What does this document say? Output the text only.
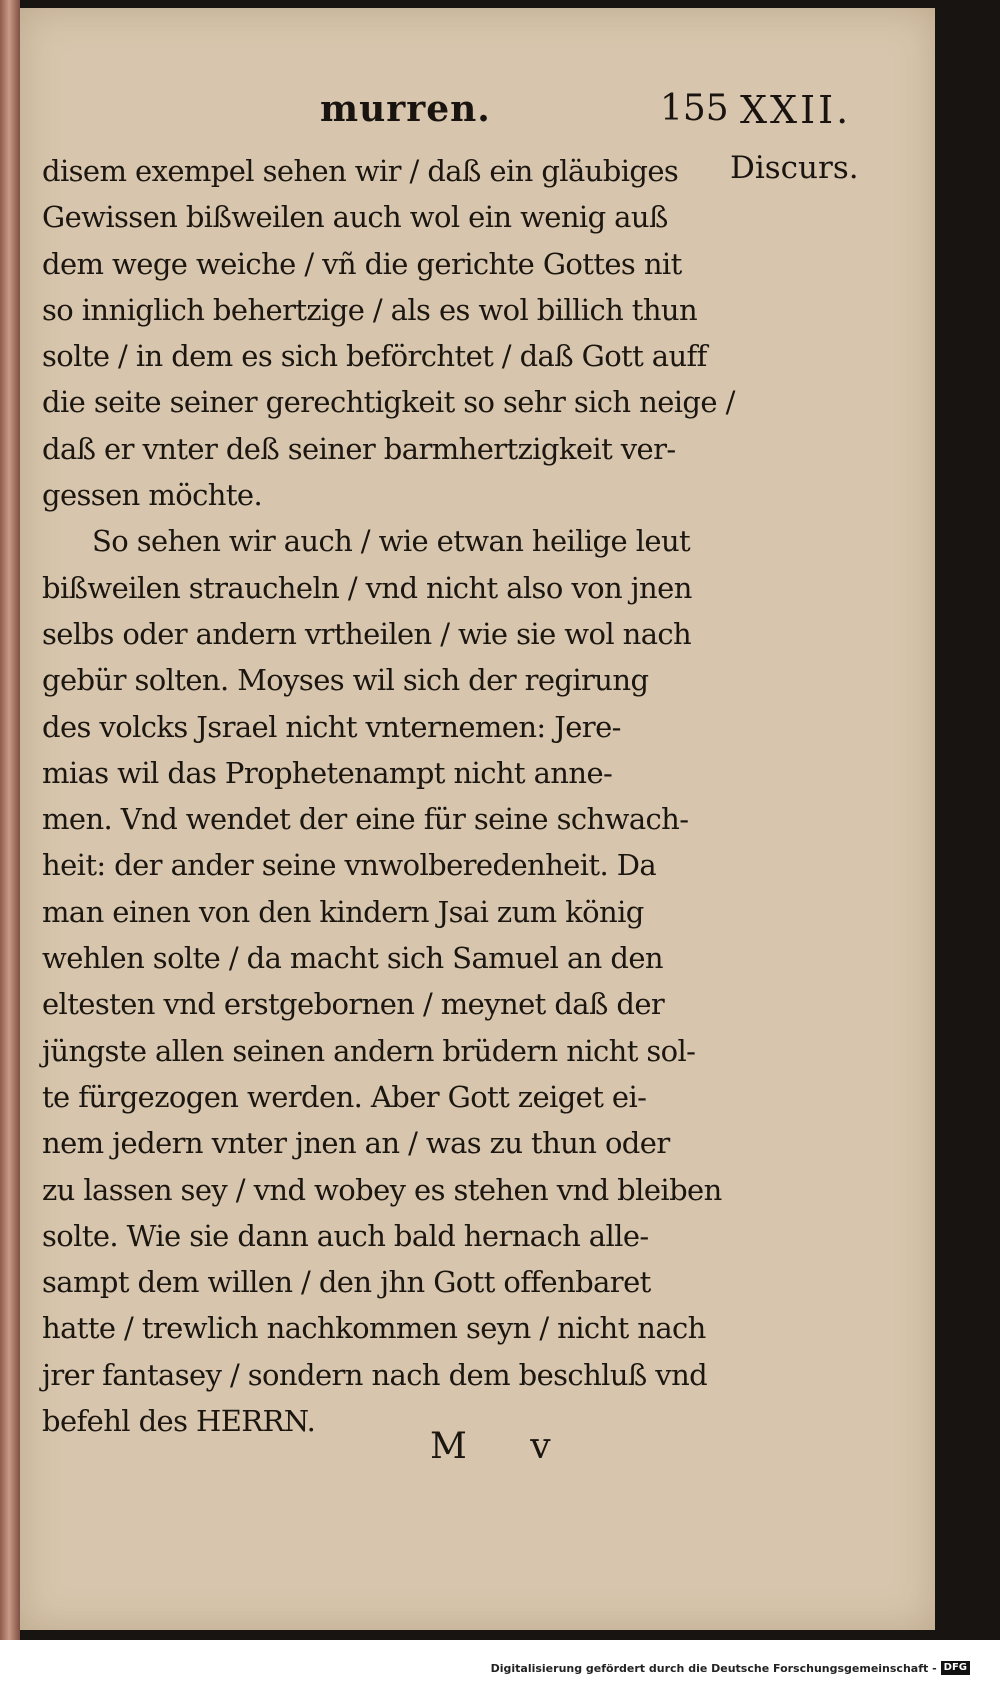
murren.	155 XXII.
Discurs.
disem exempel sehen wir / daß ein gläubiges
Gewissen bißweilen auch wol ein wenig auß
dem wege weiche / vñ die gerichte Gottes nit
so inniglich behertzige / als es wol billich thun
solte / in dem es sich beförchtet / daß Gott auff
die seite seiner gerechtigkeit so sehr sich neige /
daß er vnter deß seiner barmhertzigkeit ver-
gessen möchte.
So sehen wir auch / wie etwan heilige leut
bißweilen straucheln / vnd nicht also von jnen
selbs oder andern vrtheilen / wie sie wol nach
gebür solten. Moyses wil sich der regirung
des volcks Jsrael nicht vnternemen: Jere-
mias wil das Prophetenampt nicht anne-
men. Vnd wendet der eine für seine schwach-
heit: der ander seine vnwolberedenheit. Da
man einen von den kindern Jsai zum könig
wehlen solte / da macht sich Samuel an den
eltesten vnd erstgebornen / meynet daß der
jüngste allen seinen andern brüdern nicht sol-
te fürgezogen werden. Aber Gott zeiget ei-
nem jedern vnter jnen an / was zu thun oder
zu lassen sey / vnd wobey es stehen vnd bleiben
solte. Wie sie dann auch bald hernach alle-
sampt dem willen / den jhn Gott offenbaret
hatte / trewlich nachkommen seyn / nicht nach
jrer fantasey / sondern nach dem beschluß vnd
befehl des HERRN.
M v
Digitalisierung gefördert durch die Deutsche Forschungsgemeinschaft - DFG
